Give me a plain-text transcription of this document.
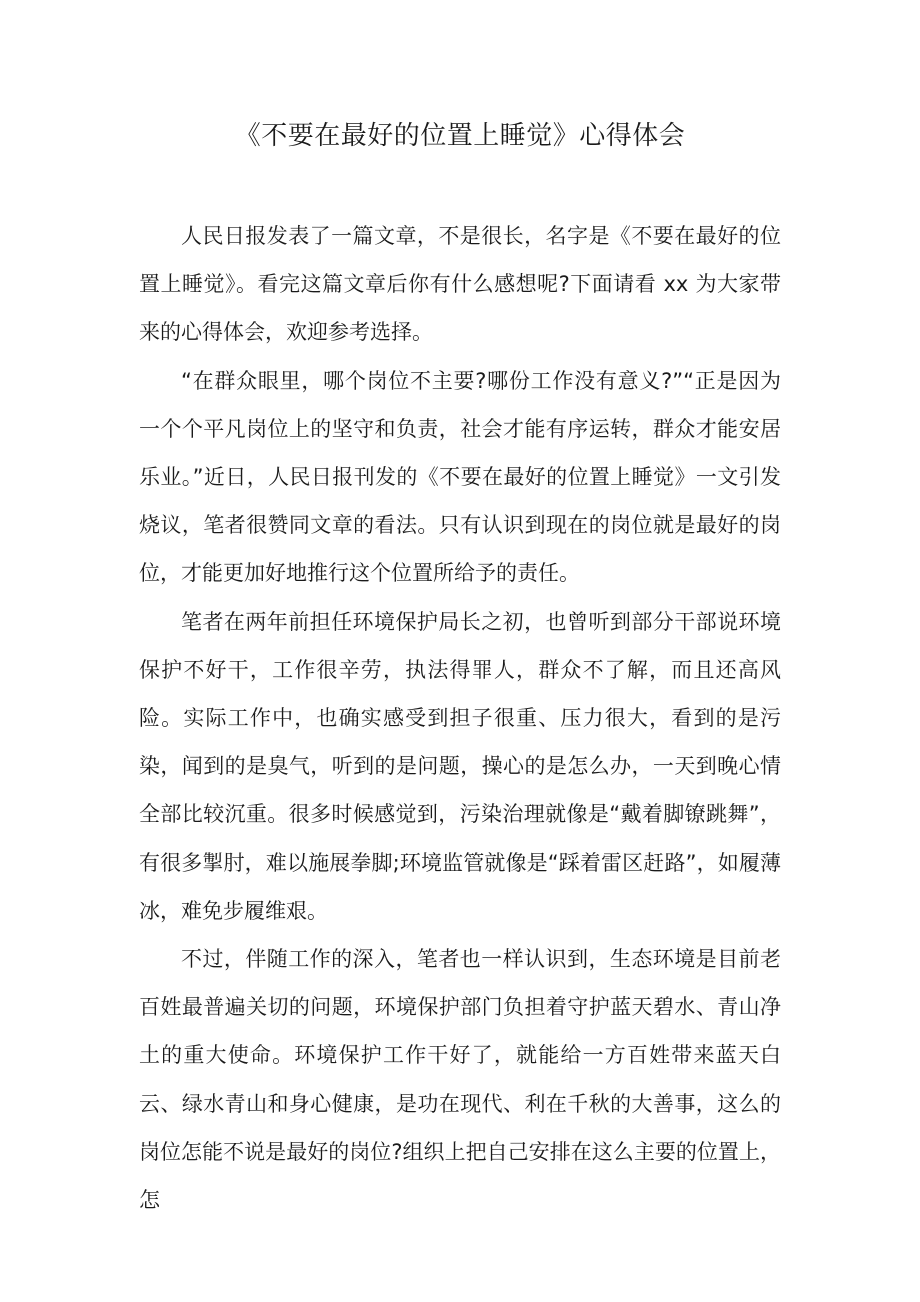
《不要在最好的位置上睡觉》心得体会

人民日报发表了一篇文章，不是很长，名字是《不要在最好的位置上睡觉》。看完这篇文章后你有什么感想呢?下面请看 xx 为大家带来的心得体会，欢迎参考选择。

“在群众眼里，哪个岗位不主要?哪份工作没有意义?”“正是因为一个个平凡岗位上的坚守和负责，社会才能有序运转，群众才能安居乐业。”近日，人民日报刊发的《不要在最好的位置上睡觉》一文引发烧议，笔者很赞同文章的看法。只有认识到现在的岗位就是最好的岗位，才能更加好地推行这个位置所给予的责任。

笔者在两年前担任环境保护局长之初，也曾听到部分干部说环境保护不好干，工作很辛劳，执法得罪人，群众不了解，而且还高风险。实际工作中，也确实感受到担子很重、压力很大，看到的是污染，闻到的是臭气，听到的是问题，操心的是怎么办，一天到晚心情全部比较沉重。很多时候感觉到，污染治理就像是“戴着脚镣跳舞”，有很多掣肘，难以施展拳脚;环境监管就像是“踩着雷区赶路”，如履薄冰，难免步履维艰。

不过，伴随工作的深入，笔者也一样认识到，生态环境是目前老百姓最普遍关切的问题，环境保护部门负担着守护蓝天碧水、青山净土的重大使命。环境保护工作干好了，就能给一方百姓带来蓝天白云、绿水青山和身心健康，是功在现代、利在千秋的大善事，这么的岗位怎能不说是最好的岗位?组织上把自己安排在这么主要的位置上，怎
